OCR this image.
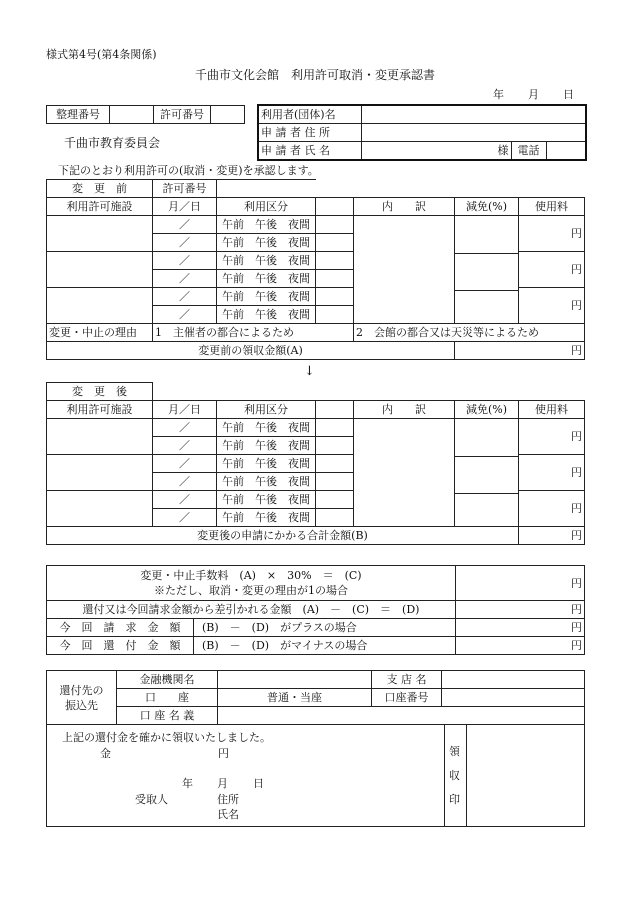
様式第4号(第4条関係)
千曲市文化会館　利用許可取消・変更承認書
年 月 日
整理番号		許可番号	
千曲市教育委員会
利用者(団体)名			
申 請 者 住 所			
申 請 者 氏 名	様	電話	
下記のとおり利用許可の(取消・変更)を承認します。
変　更　前	許可番号					
利用許可施設	月／日	利用区分		内　　訳	減免(%)	使用料
	／	午前　午後　夜間				円
	／	午前　午後　夜間				
	／	午前　午後　夜間				円
	／	午前　午後　夜間				
	／	午前　午後　夜間				円
	／	午前　午後　夜間				
変更・中止の理由	1　主催者の都合によるため			2　会館の都合又は天災等によるため		
変更前の領収金額(A)					円	
↓
変　更　後						
利用許可施設	月／日	利用区分		内　　訳	減免(%)	使用料
	／	午前　午後　夜間				円
	／	午前　午後　夜間				
	／	午前　午後　夜間				円
	／	午前　午後　夜間				
	／	午前　午後　夜間				円
	／	午前　午後　夜間				
変更後の申請にかかる合計金額(B)						円
変更・中止手数料　(A)　×　30%　＝　(C)
※ただし、取消・変更の理由が1の場合		円
還付又は今回請求金額から差引かれる金額　(A)　－　(C)　＝　(D)		円
今　回　請　求　金　額	(B)　－　(D)　がプラスの場合	円
今　回　還　付　金　額	(B)　－　(D)　がマイナスの場合	円
還付先の
振込先	金融機関名		支 店 名	
	口　　座	普通・当座	口座番号	
	口 座 名 義			
上記の還付金を確かに領収いたしました。
金	円
年 月 日
受取人	住所
氏名
領
収
印
